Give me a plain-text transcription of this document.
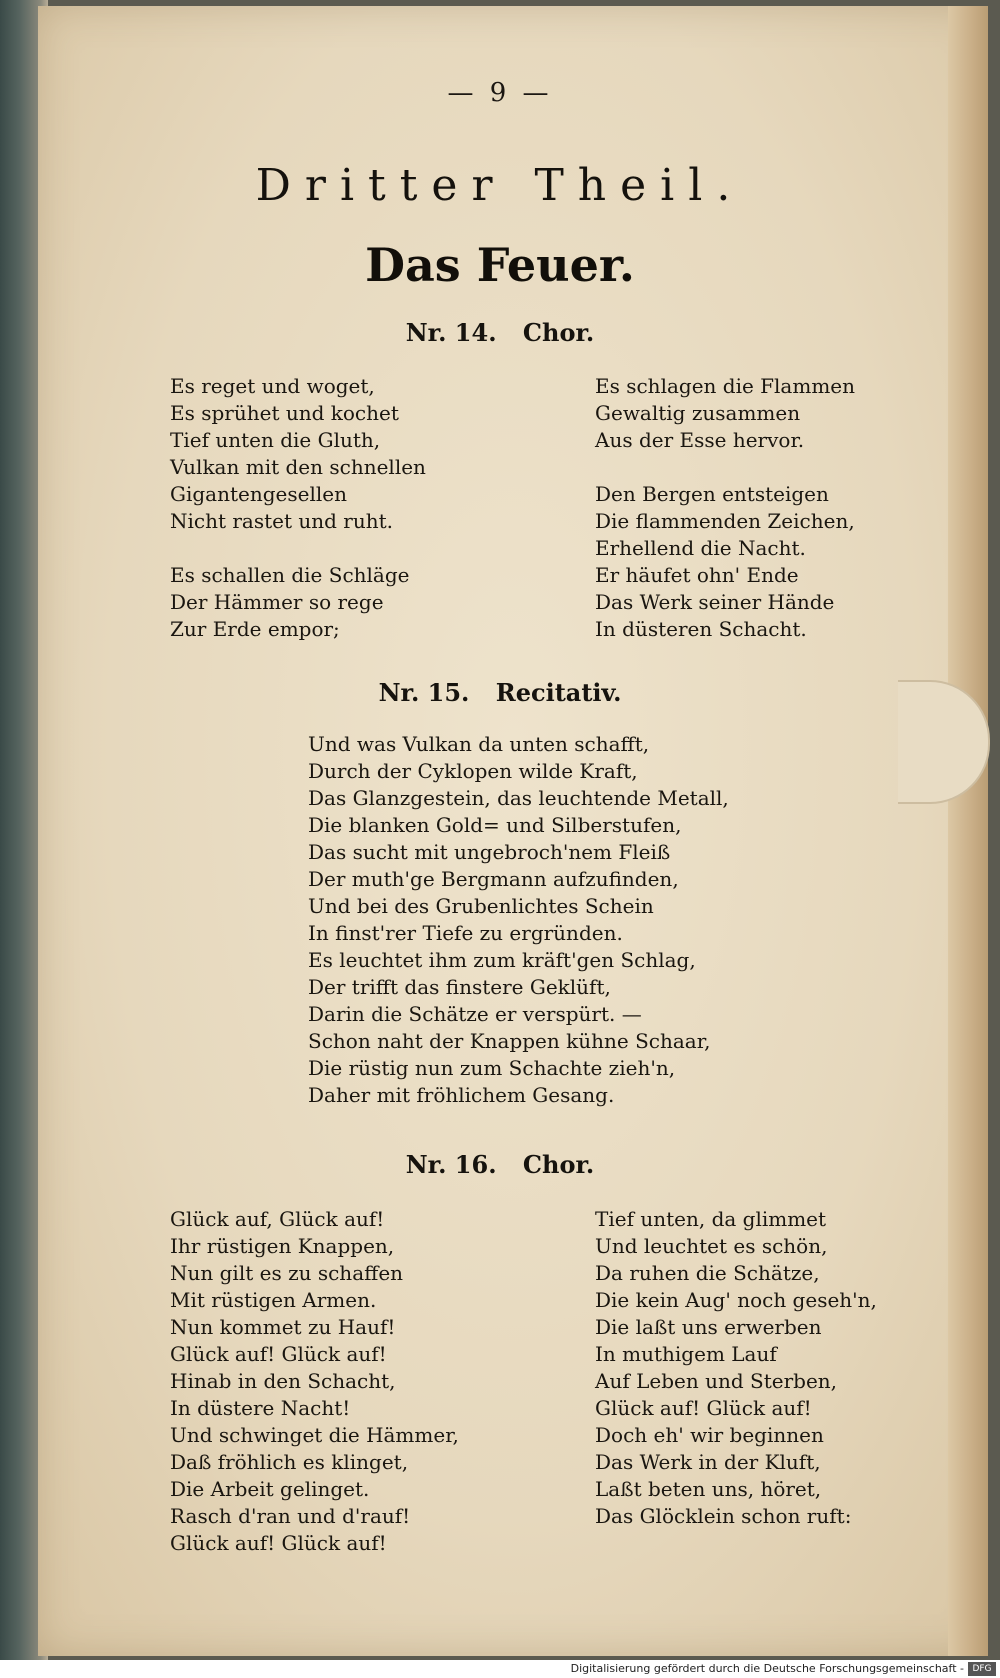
— 9 —
Dritter Theil.
Das Feuer.
Nr. 14. Chor.
Es reget und woget,
Es sprühet und kochet
Tief unten die Gluth,
Vulkan mit den schnellen
Gigantengesellen
Nicht rastet und ruht.
Es schallen die Schläge
Der Hämmer so rege
Zur Erde empor;
Es schlagen die Flammen
Gewaltig zusammen
Aus der Esse hervor.
Den Bergen entsteigen
Die flammenden Zeichen,
Erhellend die Nacht.
Er häufet ohn' Ende
Das Werk seiner Hände
In düsteren Schacht.
Nr. 15. Recitativ.
Und was Vulkan da unten schafft,
Durch der Cyklopen wilde Kraft,
Das Glanzgestein, das leuchtende Metall,
Die blanken Gold= und Silberstufen,
Das sucht mit ungebroch'nem Fleiß
Der muth'ge Bergmann aufzufinden,
Und bei des Grubenlichtes Schein
In finst'rer Tiefe zu ergründen.
Es leuchtet ihm zum kräft'gen Schlag,
Der trifft das finstere Geklüft,
Darin die Schätze er verspürt. —
Schon naht der Knappen kühne Schaar,
Die rüstig nun zum Schachte zieh'n,
Daher mit fröhlichem Gesang.
Nr. 16. Chor.
Glück auf, Glück auf!
Ihr rüstigen Knappen,
Nun gilt es zu schaffen
Mit rüstigen Armen.
Nun kommet zu Hauf!
Glück auf! Glück auf!
Hinab in den Schacht,
In düstere Nacht!
Und schwinget die Hämmer,
Daß fröhlich es klinget,
Die Arbeit gelinget.
Rasch d'ran und d'rauf!
Glück auf! Glück auf!
Tief unten, da glimmet
Und leuchtet es schön,
Da ruhen die Schätze,
Die kein Aug' noch geseh'n,
Die laßt uns erwerben
In muthigem Lauf
Auf Leben und Sterben,
Glück auf! Glück auf!
Doch eh' wir beginnen
Das Werk in der Kluft,
Laßt beten uns, höret,
Das Glöcklein schon ruft:
Digitalisierung gefördert durch die Deutsche Forschungsgemeinschaft - DFG
